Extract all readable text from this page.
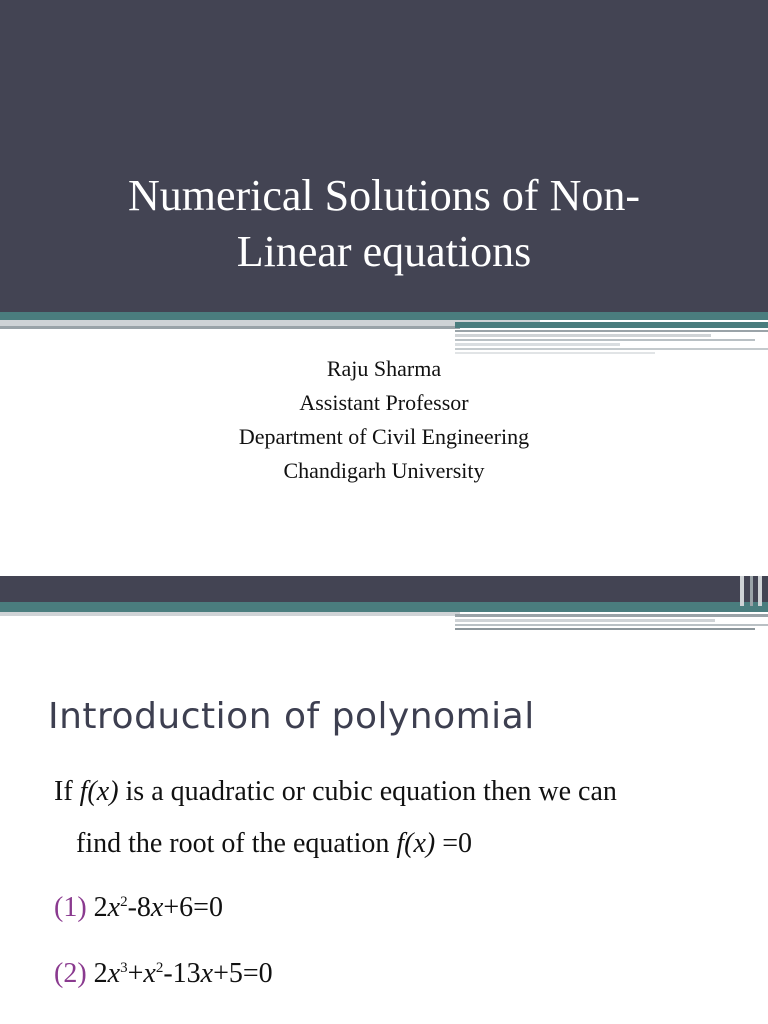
Numerical Solutions of Non-
Linear equations
Raju Sharma
Assistant Professor
Department of Civil Engineering
Chandigarh University
Introduction of polynomial
If f(x) is a quadratic or cubic equation then we can
find the root of the equation f(x) =0
(1) $2x^2-8x+6=0$
(2) $2x^3+x^2-13x+5=0$
